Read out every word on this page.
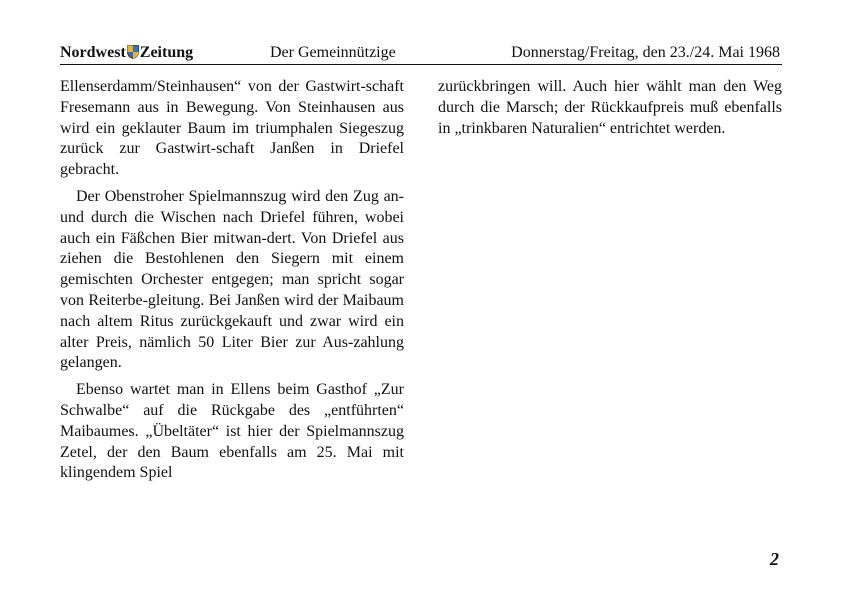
Nordwest Zeitung	Der Gemeinnützige	Donnerstag/Freitag, den 23./24. Mai 1968

Ellenserdamm/Steinhausen“ von der Gastwirt-schaft Fresemann aus in Bewegung. Von Steinhausen aus wird ein geklauter Baum im triumphalen Siegeszug zurück zur Gastwirt-schaft Janßen in Driefel gebracht.

Der Obenstroher Spielmannszug wird den Zug an- und durch die Wischen nach Driefel führen, wobei auch ein Fäßchen Bier mitwan-dert. Von Driefel aus ziehen die Bestohlenen den Siegern mit einem gemischten Orchester entgegen; man spricht sogar von Reiterbe-gleitung. Bei Janßen wird der Maibaum nach altem Ritus zurückgekauft und zwar wird ein alter Preis, nämlich 50 Liter Bier zur Aus-zahlung gelangen.

Ebenso wartet man in Ellens beim Gasthof „Zur Schwalbe“ auf die Rückgabe des „entführten“ Maibaumes. „Übeltäter“ ist hier der Spielmannszug Zetel, der den Baum ebenfalls am 25. Mai mit klingendem Spiel

zurückbringen will. Auch hier wählt man den Weg durch die Marsch; der Rückkaufpreis muß ebenfalls in „trinkbaren Naturalien“ entrichtet werden.

2
